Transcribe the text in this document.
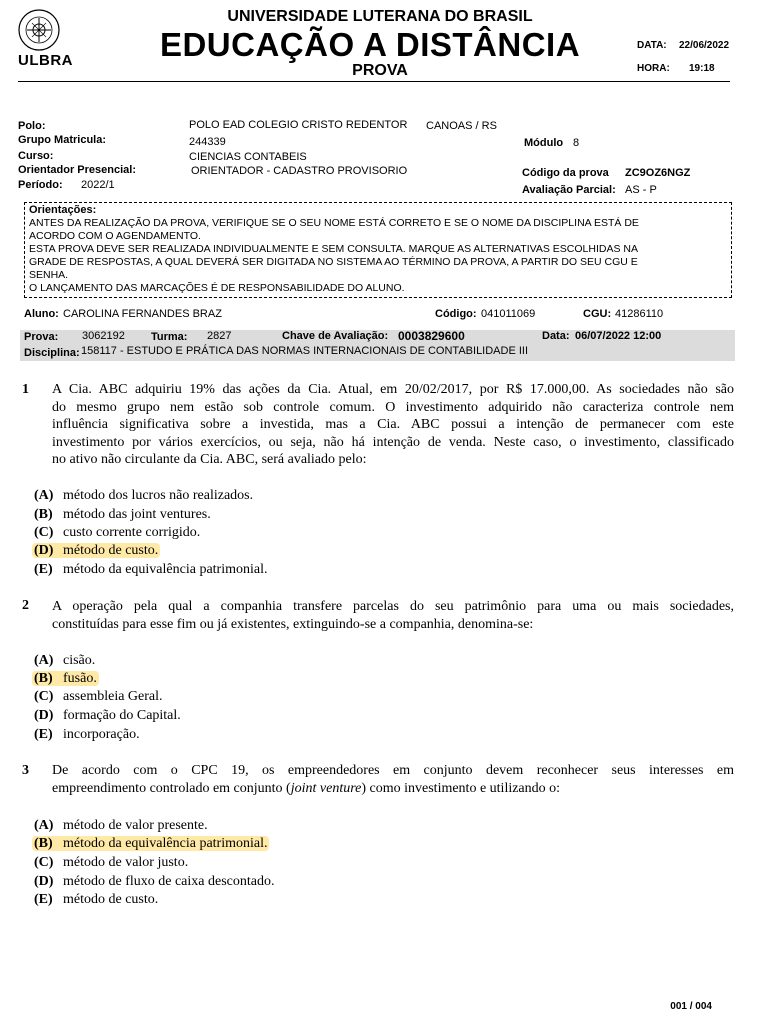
ULBRA
UNIVERSIDADE LUTERANA DO BRASIL
EDUCAÇÃO A DISTÂNCIA
PROVA
DATA: 22/06/2022
HORA: 19:18
Polo:	POLO EAD COLEGIO CRISTO REDENTOR CANOAS / RS
Grupo Matricula:	244339	Módulo 8
Curso:	CIENCIAS CONTABEIS
Orientador Presencial:	ORIENTADOR - CADASTRO PROVISORIO	Código da prova ZC9OZ6NGZ
Período: 2022/1	Avaliação Parcial: AS - P
Orientações:
ANTES DA REALIZAÇÃO DA PROVA, VERIFIQUE SE O SEU NOME ESTÁ CORRETO E SE O NOME DA DISCIPLINA ESTÁ DE
ACORDO COM O AGENDAMENTO.
ESTA PROVA DEVE SER REALIZADA INDIVIDUALMENTE E SEM CONSULTA. MARQUE AS ALTERNATIVAS ESCOLHIDAS NA
GRADE DE RESPOSTAS, A QUAL DEVERÁ SER DIGITADA NO SISTEMA AO TÉRMINO DA PROVA, A PARTIR DO SEU CGU E
SENHA.
O LANÇAMENTO DAS MARCAÇÕES É DE RESPONSABILIDADE DO ALUNO.
Aluno: CAROLINA FERNANDES BRAZ	Código: 041011069	CGU: 41286110
Prova: 3062192 Turma: 2827	Chave de Avaliação: 0003829600	Data: 06/07/2022 12:00
Disciplina: 158117 - ESTUDO E PRÁTICA DAS NORMAS INTERNACIONAIS DE CONTABILIDADE III
1 A Cia. ABC adquiriu 19% das ações da Cia. Atual, em 20/02/2017, por R$ 17.000,00. As sociedades não são
do mesmo grupo nem estão sob controle comum. O investimento adquirido não caracteriza controle nem
influência significativa sobre a investida, mas a Cia. ABC possui a intenção de permanecer com este
investimento por vários exercícios, ou seja, não há intenção de venda. Neste caso, o investimento, classificado
no ativo não circulante da Cia. ABC, será avaliado pelo:
(A) método dos lucros não realizados.
(B) método das joint ventures.
(C) custo corrente corrigido.
(D) método de custo.
(E) método da equivalência patrimonial.
2 A operação pela qual a companhia transfere parcelas do seu patrimônio para uma ou mais sociedades,
constituídas para esse fim ou já existentes, extinguindo-se a companhia, denomina-se:
(A) cisão.
(B) fusão.
(C) assembleia Geral.
(D) formação do Capital.
(E) incorporação.
3 De acordo com o CPC 19, os empreendedores em conjunto devem reconhecer seus interesses em
empreendimento controlado em conjunto (joint venture) como investimento e utilizando o:
(A) método de valor presente.
(B) método da equivalência patrimonial.
(C) método de valor justo.
(D) método de fluxo de caixa descontado.
(E) método de custo.
001 / 004
